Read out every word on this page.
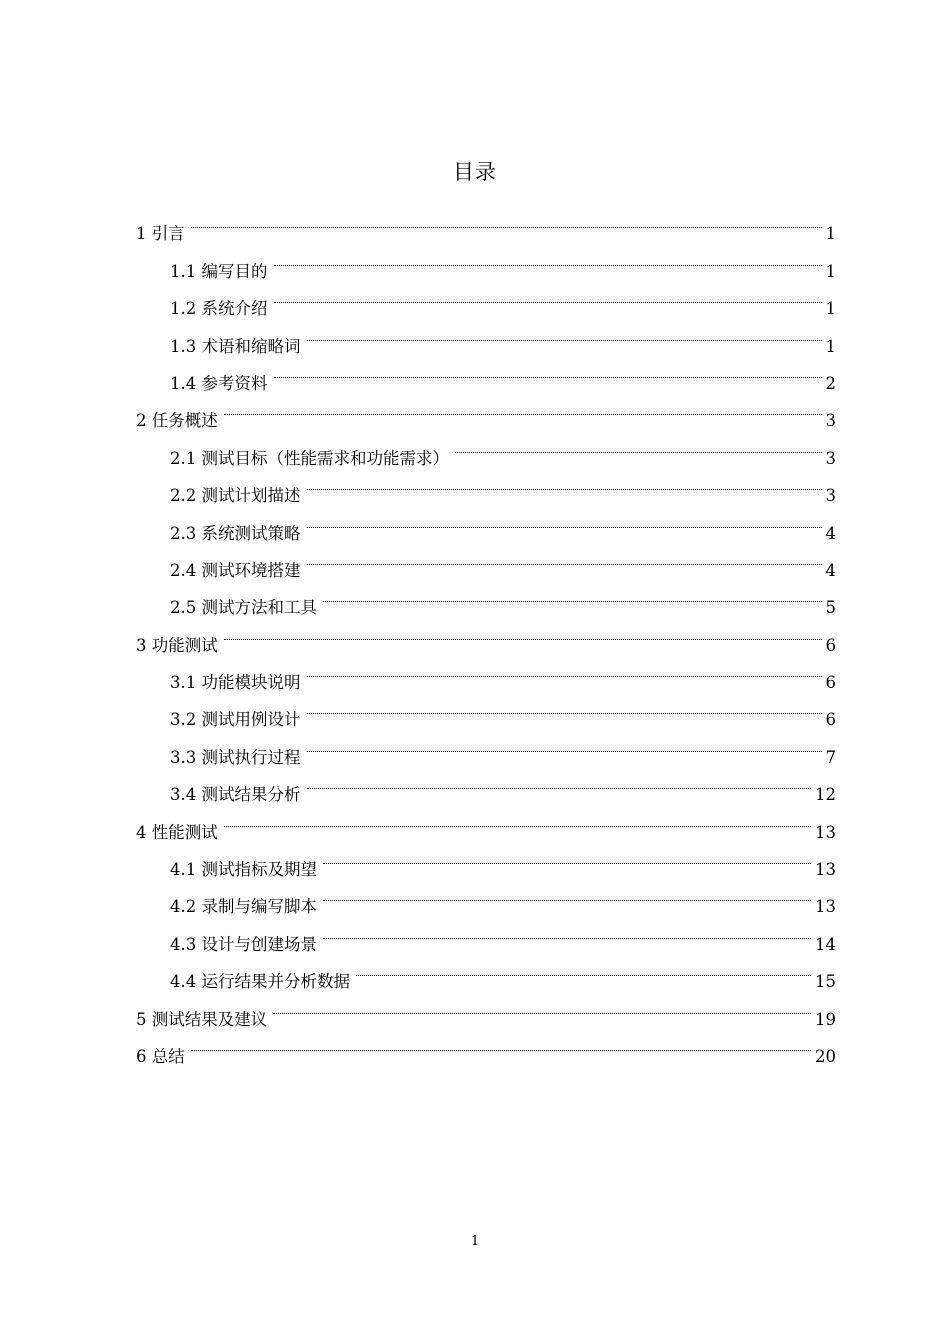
目录
1 引言	1
1.1 编写目的	1
1.2 系统介绍	1
1.3 术语和缩略词	1
1.4 参考资料	2
2 任务概述	3
2.1 测试目标（性能需求和功能需求）	3
2.2 测试计划描述	3
2.3 系统测试策略	4
2.4 测试环境搭建	4
2.5 测试方法和工具	5
3 功能测试	6
3.1 功能模块说明	6
3.2 测试用例设计	6
3.3 测试执行过程	7
3.4 测试结果分析	12
4 性能测试	13
4.1 测试指标及期望	13
4.2 录制与编写脚本	13
4.3 设计与创建场景	14
4.4 运行结果并分析数据	15
5 测试结果及建议	19
6 总结	20
1
